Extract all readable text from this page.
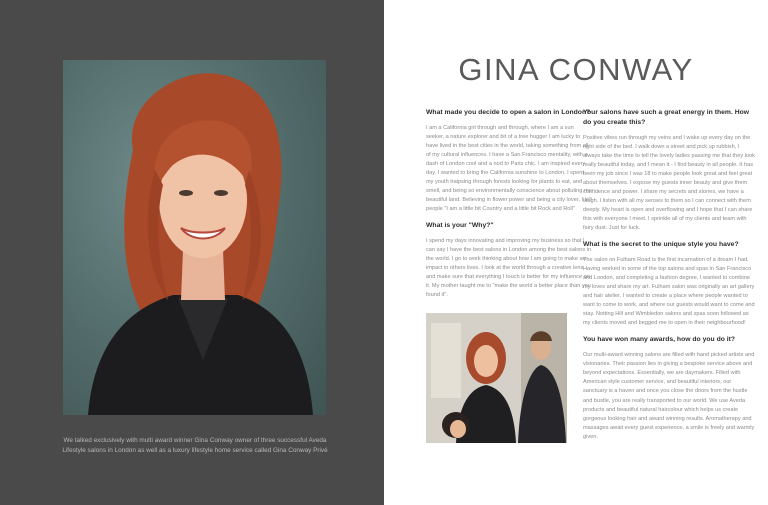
We talked exclusively with multi award winner Gina Conway owner of three successful Aveda Lifestyle salons in London as well as a luxury lifestyle home service called Gina Conway Privé
GINA CONWAY
What made you decide to open a salon in London?
I am a California girl through and through, where I am a sun seeker, a nature explorer and bit of a tree hugger I am lucky to have lived in the best cities in the world, taking something from all of my cultural influences. I have a San Francisco mentality, with a dash of London cool and a nod to Paris chic. I am inspired every day. I wanted to bring the California sunshine to London. I spent my youth traipsing through forests looking for plants to eat, and smell, and being so environmentally conscience about polluting my beautiful land. Believing in flower power and being a city lover, I tell people "I am a little bit Country and a little bit Rock and Roll"
What is your "Why?"
I spend my days innovating and improving my business so that I can say I have the best salons in London among the best salons in the world. I go to work thinking about how I am going to make an impact in others lives. I look at the world through a creative lens and make sure that everything I touch is better for my influence on it. My mother taught me to "make the world a better place than you found it".
Your salons have such a great energy in them. How do you create this?
Positive vibes run through my veins and I wake up every day on the right side of the bed. I walk down a street and pick up rubbish, I always take the time to tell the lovely ladies passing me that they look really beautiful today, and I mean it - I find beauty in all people. It has been my job since I was 18 to make people look great and feel great about themselves. I expose my guests inner beauty and give them confidence and power. I share my secrets and stories, we have a laugh. I listen with all my senses to them so I can connect with them deeply. My heart is open and overflowing and I hope that I can share this with everyone I meet. I sprinkle all of my clients and team with fairy dust. Just for luck.
What is the secret to the unique style you have?
The salon on Fulham Road is the first incarnation of a dream I had. Having worked in some of the top salons and spas in San Francisco and London, and completing a fashion degree, I wanted to combine my loves and share my art. Fulham salon was originally an art gallery and hair atelier. I wanted to create a place where people wanted to want to come to work, and where our guests would want to come and stay. Notting Hill and Wimbledon salons and spas soon followed as my clients moved and begged me to open in their neighbourhood!
You have won many awards, how do you do it?
Our multi-award winning salons are filled with hand picked artists and visionaries. Their passion lies in giving a bespoke service above and beyond expectations. Essentially, we are daymakers. Filled with American style customer service, and beautiful interiors, our sanctuary is a haven and once you close the doors from the hustle and bustle, you are really transported to our world. We use Aveda products and beautiful natural haircolour which helps us create gorgeous looking hair and award winning results. Aromatherapy and massages await every guest experience, a smile is freely and warmly given.
